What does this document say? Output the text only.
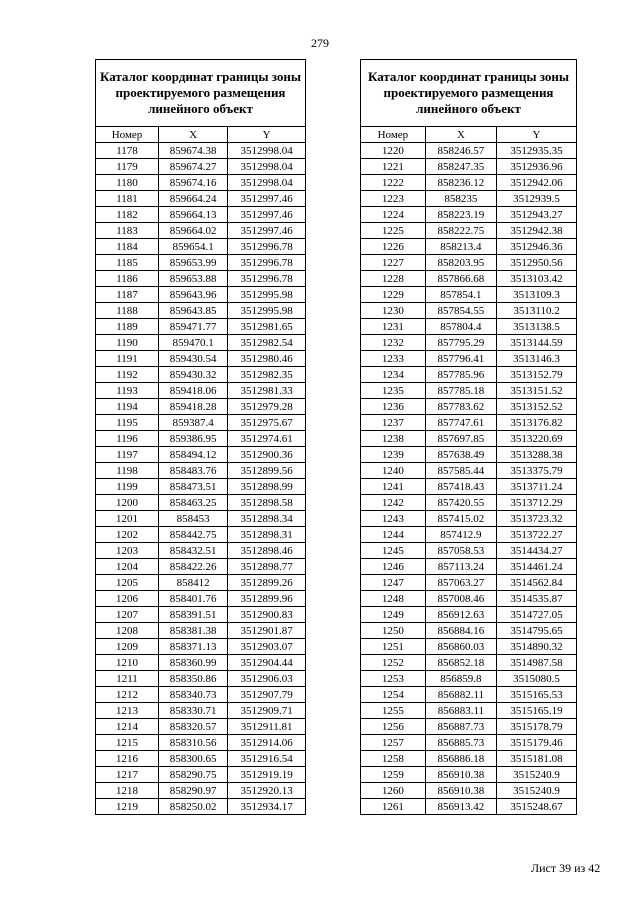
279
Каталог координат границы зоны проектируемого размещения линейного объект		
Номер	X	Y
1178	859674.38	3512998.04
1179	859674.27	3512998.04
1180	859674.16	3512998.04
1181	859664.24	3512997.46
1182	859664.13	3512997.46
1183	859664.02	3512997.46
1184	859654.1	3512996.78
1185	859653.99	3512996.78
1186	859653.88	3512996.78
1187	859643.96	3512995.98
1188	859643.85	3512995.98
1189	859471.77	3512981.65
1190	859470.1	3512982.54
1191	859430.54	3512980.46
1192	859430.32	3512982.35
1193	859418.06	3512981.33
1194	859418.28	3512979.28
1195	859387.4	3512975.67
1196	859386.95	3512974.61
1197	858494.12	3512900.36
1198	858483.76	3512899.56
1199	858473.51	3512898.99
1200	858463.25	3512898.58
1201	858453	3512898.34
1202	858442.75	3512898.31
1203	858432.51	3512898.46
1204	858422.26	3512898.77
1205	858412	3512899.26
1206	858401.76	3512899.96
1207	858391.51	3512900.83
1208	858381.38	3512901.87
1209	858371.13	3512903.07
1210	858360.99	3512904.44
1211	858350.86	3512906.03
1212	858340.73	3512907.79
1213	858330.71	3512909.71
1214	858320.57	3512911.81
1215	858310.56	3512914.06
1216	858300.65	3512916.54
1217	858290.75	3512919.19
1218	858290.97	3512920.13
1219	858250.02	3512934.17
Каталог координат границы зоны проектируемого размещения линейного объект		
Номер	X	Y
1220	858246.57	3512935.35
1221	858247.35	3512936.96
1222	858236.12	3512942.06
1223	858235	3512939.5
1224	858223.19	3512943.27
1225	858222.75	3512942.38
1226	858213.4	3512946.36
1227	858203.95	3512950.56
1228	857866.68	3513103.42
1229	857854.1	3513109.3
1230	857854.55	3513110.2
1231	857804.4	3513138.5
1232	857795.29	3513144.59
1233	857796.41	3513146.3
1234	857785.96	3513152.79
1235	857785.18	3513151.52
1236	857783.62	3513152.52
1237	857747.61	3513176.82
1238	857697.85	3513220.69
1239	857638.49	3513288.38
1240	857585.44	3513375.79
1241	857418.43	3513711.24
1242	857420.55	3513712.29
1243	857415.02	3513723.32
1244	857412.9	3513722.27
1245	857058.53	3514434.27
1246	857113.24	3514461.24
1247	857063.27	3514562.84
1248	857008.46	3514535.87
1249	856912.63	3514727.05
1250	856884.16	3514795.65
1251	856860.03	3514890.32
1252	856852.18	3514987.58
1253	856859.8	3515080.5
1254	856882.11	3515165.53
1255	856883.11	3515165.19
1256	856887.73	3515178.79
1257	856885.73	3515179.46
1258	856886.18	3515181.08
1259	856910.38	3515240.9
1260	856910.38	3515240.9
1261	856913.42	3515248.67
Лист 39 из 42
